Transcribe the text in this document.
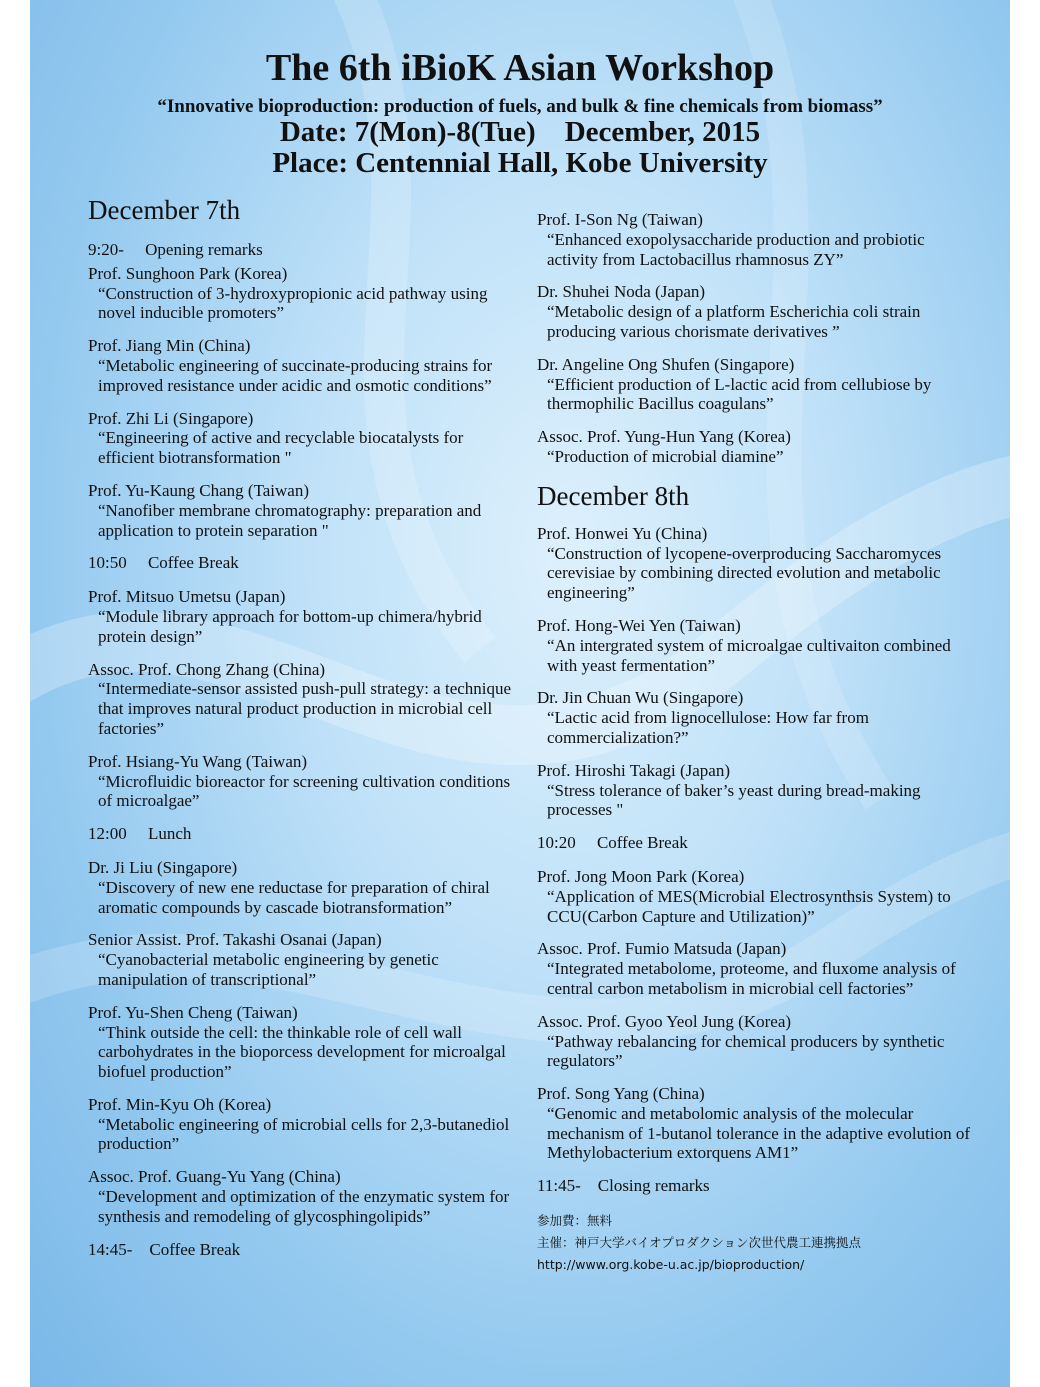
The 6th iBioK Asian Workshop
“Innovative bioproduction: production of fuels, and bulk & fine chemicals from biomass”
Date: 7(Mon)-8(Tue)    December, 2015
Place: Centennial Hall, Kobe University
December 7th
9:20-     Opening remarks
Prof. Sunghoon Park (Korea)
“Construction of 3-hydroxypropionic acid pathway using novel inducible promoters”
Prof. Jiang Min (China)
“Metabolic engineering of succinate-producing strains for improved resistance under acidic and osmotic conditions”
Prof. Zhi Li (Singapore)
“Engineering of active and recyclable biocatalysts for efficient biotransformation "
Prof. Yu-Kaung Chang (Taiwan)
“Nanofiber membrane chromatography: preparation and application to protein separation "
10:50     Coffee Break
Prof. Mitsuo Umetsu (Japan)
“Module library approach for bottom-up chimera/hybrid protein design”
Assoc. Prof. Chong Zhang (China)
“Intermediate-sensor assisted push-pull strategy: a technique that improves natural product production in microbial cell factories”
Prof. Hsiang-Yu Wang (Taiwan)
“Microfluidic bioreactor for screening cultivation conditions of microalgae”
12:00     Lunch
Dr. Ji Liu (Singapore)
“Discovery of new ene reductase for preparation of chiral aromatic compounds by cascade biotransformation”
Senior Assist. Prof. Takashi Osanai (Japan)
“Cyanobacterial metabolic engineering by genetic manipulation of transcriptional”
Prof. Yu-Shen Cheng (Taiwan)
“Think outside the cell: the thinkable role of cell wall carbohydrates in the bioporcess development for microalgal biofuel production”
Prof. Min-Kyu Oh (Korea)
“Metabolic engineering of microbial cells for 2,3-butanediol production”
Assoc. Prof. Guang-Yu Yang (China)
“Development and optimization of the enzymatic system for synthesis and remodeling of glycosphingolipids”
14:45-    Coffee Break
Prof. I-Son Ng (Taiwan)
“Enhanced exopolysaccharide production and probiotic activity from Lactobacillus rhamnosus ZY”
Dr. Shuhei Noda (Japan)
“Metabolic design of a platform Escherichia coli strain producing various chorismate derivatives ”
Dr. Angeline Ong Shufen (Singapore)
“Efficient production of L-lactic acid from cellubiose by thermophilic Bacillus coagulans”
Assoc. Prof. Yung-Hun Yang (Korea)
“Production of microbial diamine”
December 8th
Prof. Honwei Yu (China)
“Construction of lycopene-overproducing Saccharomyces cerevisiae by combining directed evolution and metabolic engineering”
Prof. Hong-Wei Yen (Taiwan)
“An intergrated system of microalgae cultivaiton combined with yeast fermentation”
Dr. Jin Chuan Wu (Singapore)
“Lactic acid from lignocellulose: How far from commercialization?”
Prof. Hiroshi Takagi (Japan)
“Stress tolerance of baker’s yeast during bread-making processes "
10:20     Coffee Break
Prof. Jong Moon Park (Korea)
“Application of MES(Microbial Electrosynthsis System) to CCU(Carbon Capture and Utilization)”
Assoc. Prof. Fumio Matsuda (Japan)
“Integrated metabolome, proteome, and fluxome analysis of central carbon metabolism in microbial cell factories”
Assoc. Prof. Gyoo Yeol Jung (Korea)
“Pathway rebalancing for chemical producers by synthetic regulators”
Prof. Song Yang (China)
“Genomic and metabolomic analysis of the molecular mechanism of 1-butanol tolerance in the adaptive evolution of Methylobacterium extorquens AM1”
11:45-    Closing remarks
参加費：無料
主催：神戸大学バイオプロダクション次世代農工連携拠点
http://www.org.kobe-u.ac.jp/bioproduction/
